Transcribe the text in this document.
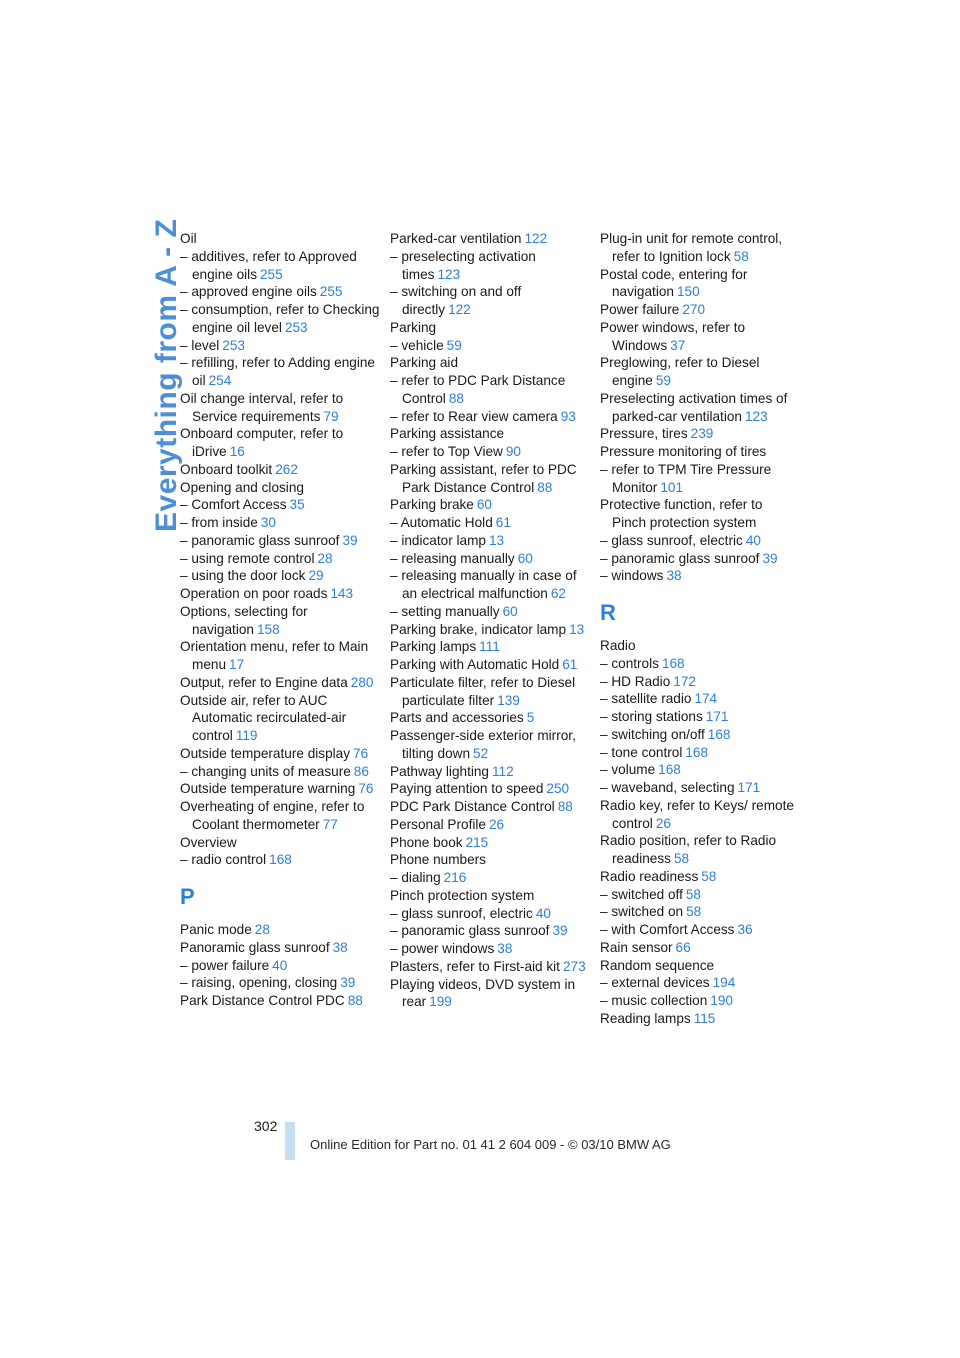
Everything from A - Z
Oil
– additives, refer to Approved engine oils 255
– approved engine oils 255
– consumption, refer to Checking engine oil level 253
– level 253
– refilling, refer to Adding engine oil 254
Oil change interval, refer to Service requirements 79
Onboard computer, refer to iDrive 16
Onboard toolkit 262
Opening and closing
– Comfort Access 35
– from inside 30
– panoramic glass sunroof 39
– using remote control 28
– using the door lock 29
Operation on poor roads 143
Options, selecting for navigation 158
Orientation menu, refer to Main menu 17
Output, refer to Engine data 280
Outside air, refer to AUC Automatic recirculated-air control 119
Outside temperature display 76
– changing units of measure 86
Outside temperature warning 76
Overheating of engine, refer to Coolant thermometer 77
Overview
– radio control 168
P
Panic mode 28
Panoramic glass sunroof 38
– power failure 40
– raising, opening, closing 39
Park Distance Control PDC 88
Parked-car ventilation 122
– preselecting activation times 123
– switching on and off directly 122
Parking
– vehicle 59
Parking aid
– refer to PDC Park Distance Control 88
– refer to Rear view camera 93
Parking assistance
– refer to Top View 90
Parking assistant, refer to PDC Park Distance Control 88
Parking brake 60
– Automatic Hold 61
– indicator lamp 13
– releasing manually 60
– releasing manually in case of an electrical malfunction 62
– setting manually 60
Parking brake, indicator lamp 13
Parking lamps 111
Parking with Automatic Hold 61
Particulate filter, refer to Diesel particulate filter 139
Parts and accessories 5
Passenger-side exterior mirror, tilting down 52
Pathway lighting 112
Paying attention to speed 250
PDC Park Distance Control 88
Personal Profile 26
Phone book 215
Phone numbers
– dialing 216
Pinch protection system
– glass sunroof, electric 40
– panoramic glass sunroof 39
– power windows 38
Plasters, refer to First-aid kit 273
Playing videos, DVD system in rear 199
Plug-in unit for remote control, refer to Ignition lock 58
Postal code, entering for navigation 150
Power failure 270
Power windows, refer to Windows 37
Preglowing, refer to Diesel engine 59
Preselecting activation times of parked-car ventilation 123
Pressure, tires 239
Pressure monitoring of tires
– refer to TPM Tire Pressure Monitor 101
Protective function, refer to Pinch protection system
– glass sunroof, electric 40
– panoramic glass sunroof 39
– windows 38
R
Radio
– controls 168
– HD Radio 172
– satellite radio 174
– storing stations 171
– switching on/off 168
– tone control 168
– volume 168
– waveband, selecting 171
Radio key, refer to Keys/ remote control 26
Radio position, refer to Radio readiness 58
Radio readiness 58
– switched off 58
– switched on 58
– with Comfort Access 36
Rain sensor 66
Random sequence
– external devices 194
– music collection 190
Reading lamps 115
302
Online Edition for Part no. 01 41 2 604 009 - © 03/10 BMW AG
